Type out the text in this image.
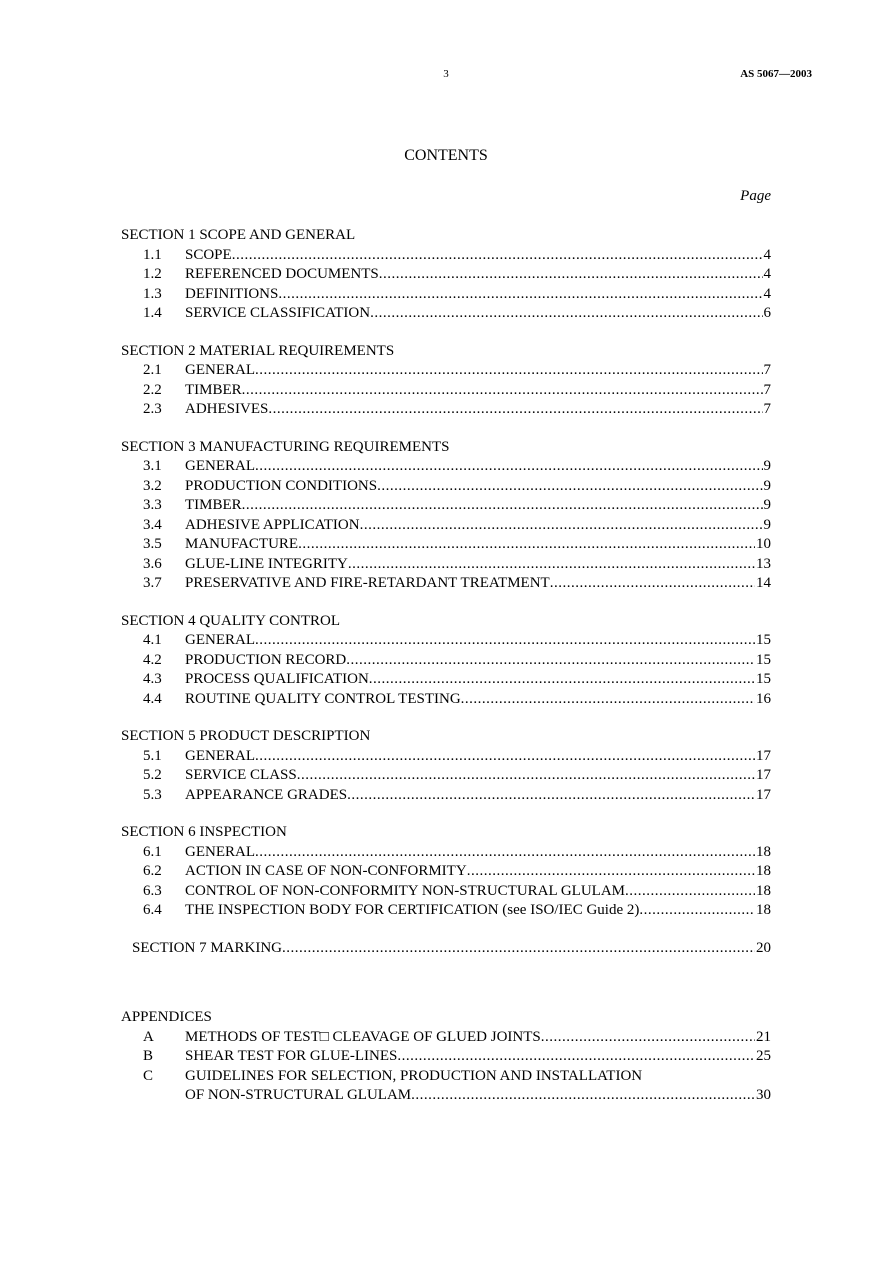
3	AS 5067—2003
CONTENTS
Page
SECTION 1 SCOPE AND GENERAL
1.1	SCOPE .....	4
1.2	REFERENCED DOCUMENTS .....	4
1.3	DEFINITIONS .....	4
1.4	SERVICE CLASSIFICATION .....	6
SECTION 2 MATERIAL REQUIREMENTS
2.1	GENERAL .....	7
2.2	TIMBER .....	7
2.3	ADHESIVES .....	7
SECTION 3 MANUFACTURING REQUIREMENTS
3.1	GENERAL .....	9
3.2	PRODUCTION CONDITIONS .....	9
3.3	TIMBER .....	9
3.4	ADHESIVE APPLICATION .....	9
3.5	MANUFACTURE .....	10
3.6	GLUE-LINE INTEGRITY .....	13
3.7	PRESERVATIVE AND FIRE-RETARDANT TREATMENT .....	14
SECTION 4 QUALITY CONTROL
4.1	GENERAL .....	15
4.2	PRODUCTION RECORD .....	15
4.3	PROCESS QUALIFICATION .....	15
4.4	ROUTINE QUALITY CONTROL TESTING .....	16
SECTION 5 PRODUCT DESCRIPTION
5.1	GENERAL .....	17
5.2	SERVICE CLASS .....	17
5.3	APPEARANCE GRADES .....	17
SECTION 6 INSPECTION
6.1	GENERAL .....	18
6.2	ACTION IN CASE OF NON-CONFORMITY .....	18
6.3	CONTROL OF NON-CONFORMITY NON-STRUCTURAL GLULAM .....	18
6.4	THE INSPECTION BODY FOR CERTIFICATION (see ISO/IEC Guide 2) .....	18
SECTION 7 MARKING .....	20
APPENDICES
A	METHODS OF TEST□ CLEAVAGE OF GLUED JOINTS .....	21
B	SHEAR TEST FOR GLUE-LINES .....	25
C	GUIDELINES FOR SELECTION, PRODUCTION AND INSTALLATION
OF NON-STRUCTURAL GLULAM .....	30
